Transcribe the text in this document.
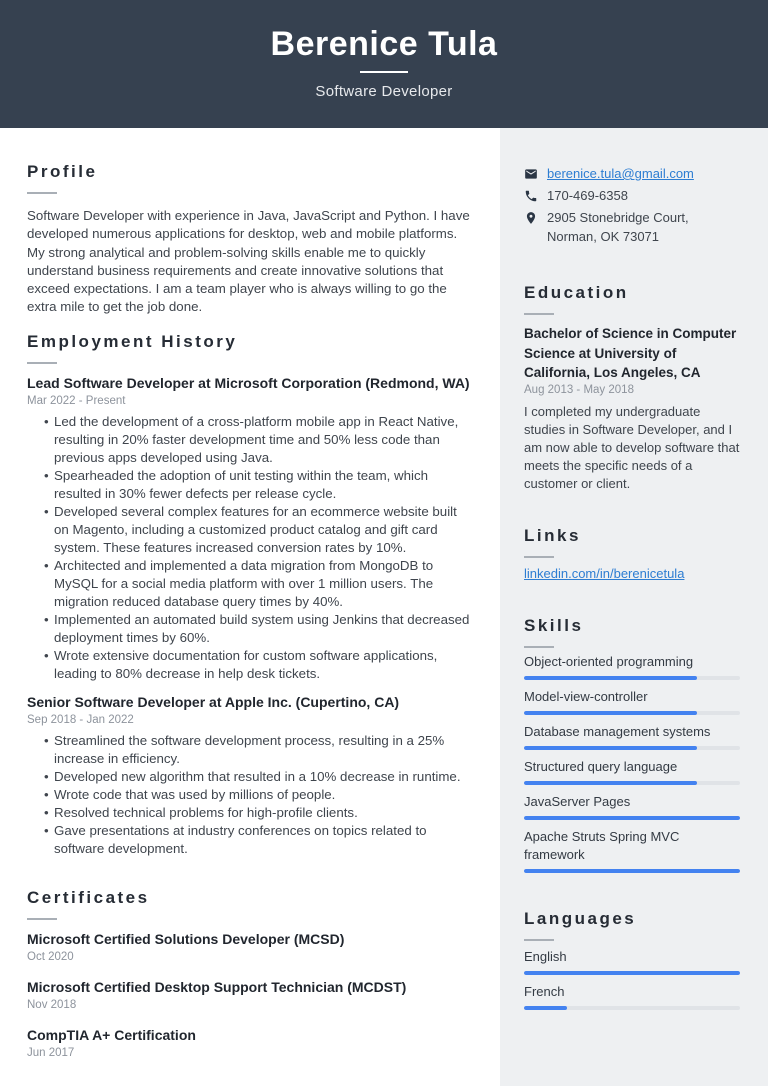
Berenice Tula
Software Developer
Profile
Software Developer with experience in Java, JavaScript and Python. I have developed numerous applications for desktop, web and mobile platforms. My strong analytical and problem-solving skills enable me to quickly understand business requirements and create innovative solutions that exceed expectations. I am a team player who is always willing to go the extra mile to get the job done.
Employment History
Lead Software Developer at Microsoft Corporation (Redmond, WA)
Mar 2022 - Present
• Led the development of a cross-platform mobile app in React Native, resulting in 20% faster development time and 50% less code than previous apps developed using Java.
• Spearheaded the adoption of unit testing within the team, which resulted in 30% fewer defects per release cycle.
• Developed several complex features for an ecommerce website built on Magento, including a customized product catalog and gift card system. These features increased conversion rates by 10%.
• Architected and implemented a data migration from MongoDB to MySQL for a social media platform with over 1 million users. The migration reduced database query times by 40%.
• Implemented an automated build system using Jenkins that decreased deployment times by 60%.
• Wrote extensive documentation for custom software applications, leading to 80% decrease in help desk tickets.
Senior Software Developer at Apple Inc. (Cupertino, CA)
Sep 2018 - Jan 2022
• Streamlined the software development process, resulting in a 25% increase in efficiency.
• Developed new algorithm that resulted in a 10% decrease in runtime.
• Wrote code that was used by millions of people.
• Resolved technical problems for high-profile clients.
• Gave presentations at industry conferences on topics related to software development.
Certificates
Microsoft Certified Solutions Developer (MCSD)
Oct 2020
Microsoft Certified Desktop Support Technician (MCDST)
Nov 2018
CompTIA A+ Certification
Jun 2017
berenice.tula@gmail.com
170-469-6358
2905 Stonebridge Court, Norman, OK 73071
Education
Bachelor of Science in Computer Science at University of California, Los Angeles, CA
Aug 2013 - May 2018
I completed my undergraduate studies in Software Developer, and I am now able to develop software that meets the specific needs of a customer or client.
Links
linkedin.com/in/berenicetula
Skills
Object-oriented programming
Model-view-controller
Database management systems
Structured query language
JavaServer Pages
Apache Struts Spring MVC framework
Languages
English
French
